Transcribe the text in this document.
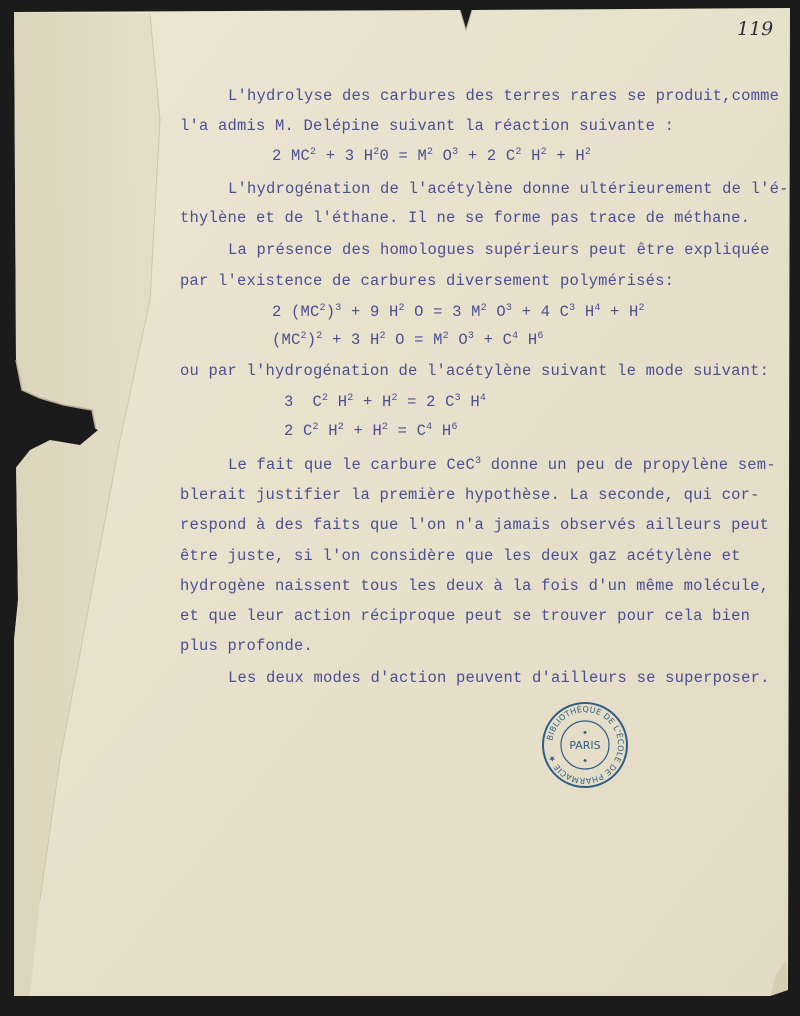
119
L'hydrolyse des carbures des terres rares se produit,comme
l'a admis M. Delépine suivant la réaction suivante :
2 $MC^2 + 3$ $H^20 = M^2$ $O^3 + 2$ $C^2$ $H^2 + H^2$
L'hydrogénation de l'acétylène donne ultérieurement de l'é-
thylène et de l'éthane. Il ne se forme pas trace de méthane.
La présence des homologues supérieurs peut être expliquée
par l'existence de carbures diversement polymérisés:
2 $(MC^2)^3 + 9$ $H^2$ O = 3 $M^2$ $O^3 + 4$ $C^3$ $H^4 + H^2$
$(MC^2)^2 + 3$ $H^2$ $O = M^2$ $O^3 + C^4$ $H^6$
ou par l'hydrogénation de l'acétylène suivant le mode suivant:
3  $C^2$ $H^2 + H^2 = 2$ $C^3$ $H^4$
2 $C^2$ $H^2 + H^2 = C^4$ $H^6$
Le fait que le carbure CeC$^3$ donne un peu de propylène sem-
blerait justifier la première hypothèse. La seconde, qui cor-
respond à des faits que l'on n'a jamais observés ailleurs peut
être juste, si l'on considère que les deux gaz acétylène et
hydrogène naissent tous les deux à la fois d'un même molécule,
et que leur action réciproque peut se trouver pour cela bien
plus profonde.
Les deux modes d'action peuvent d'ailleurs se superposer.
BIBLIOTHÈQUE DE L'ÉCOLE DE PHARMACIE ★
PARIS
◆
◆
